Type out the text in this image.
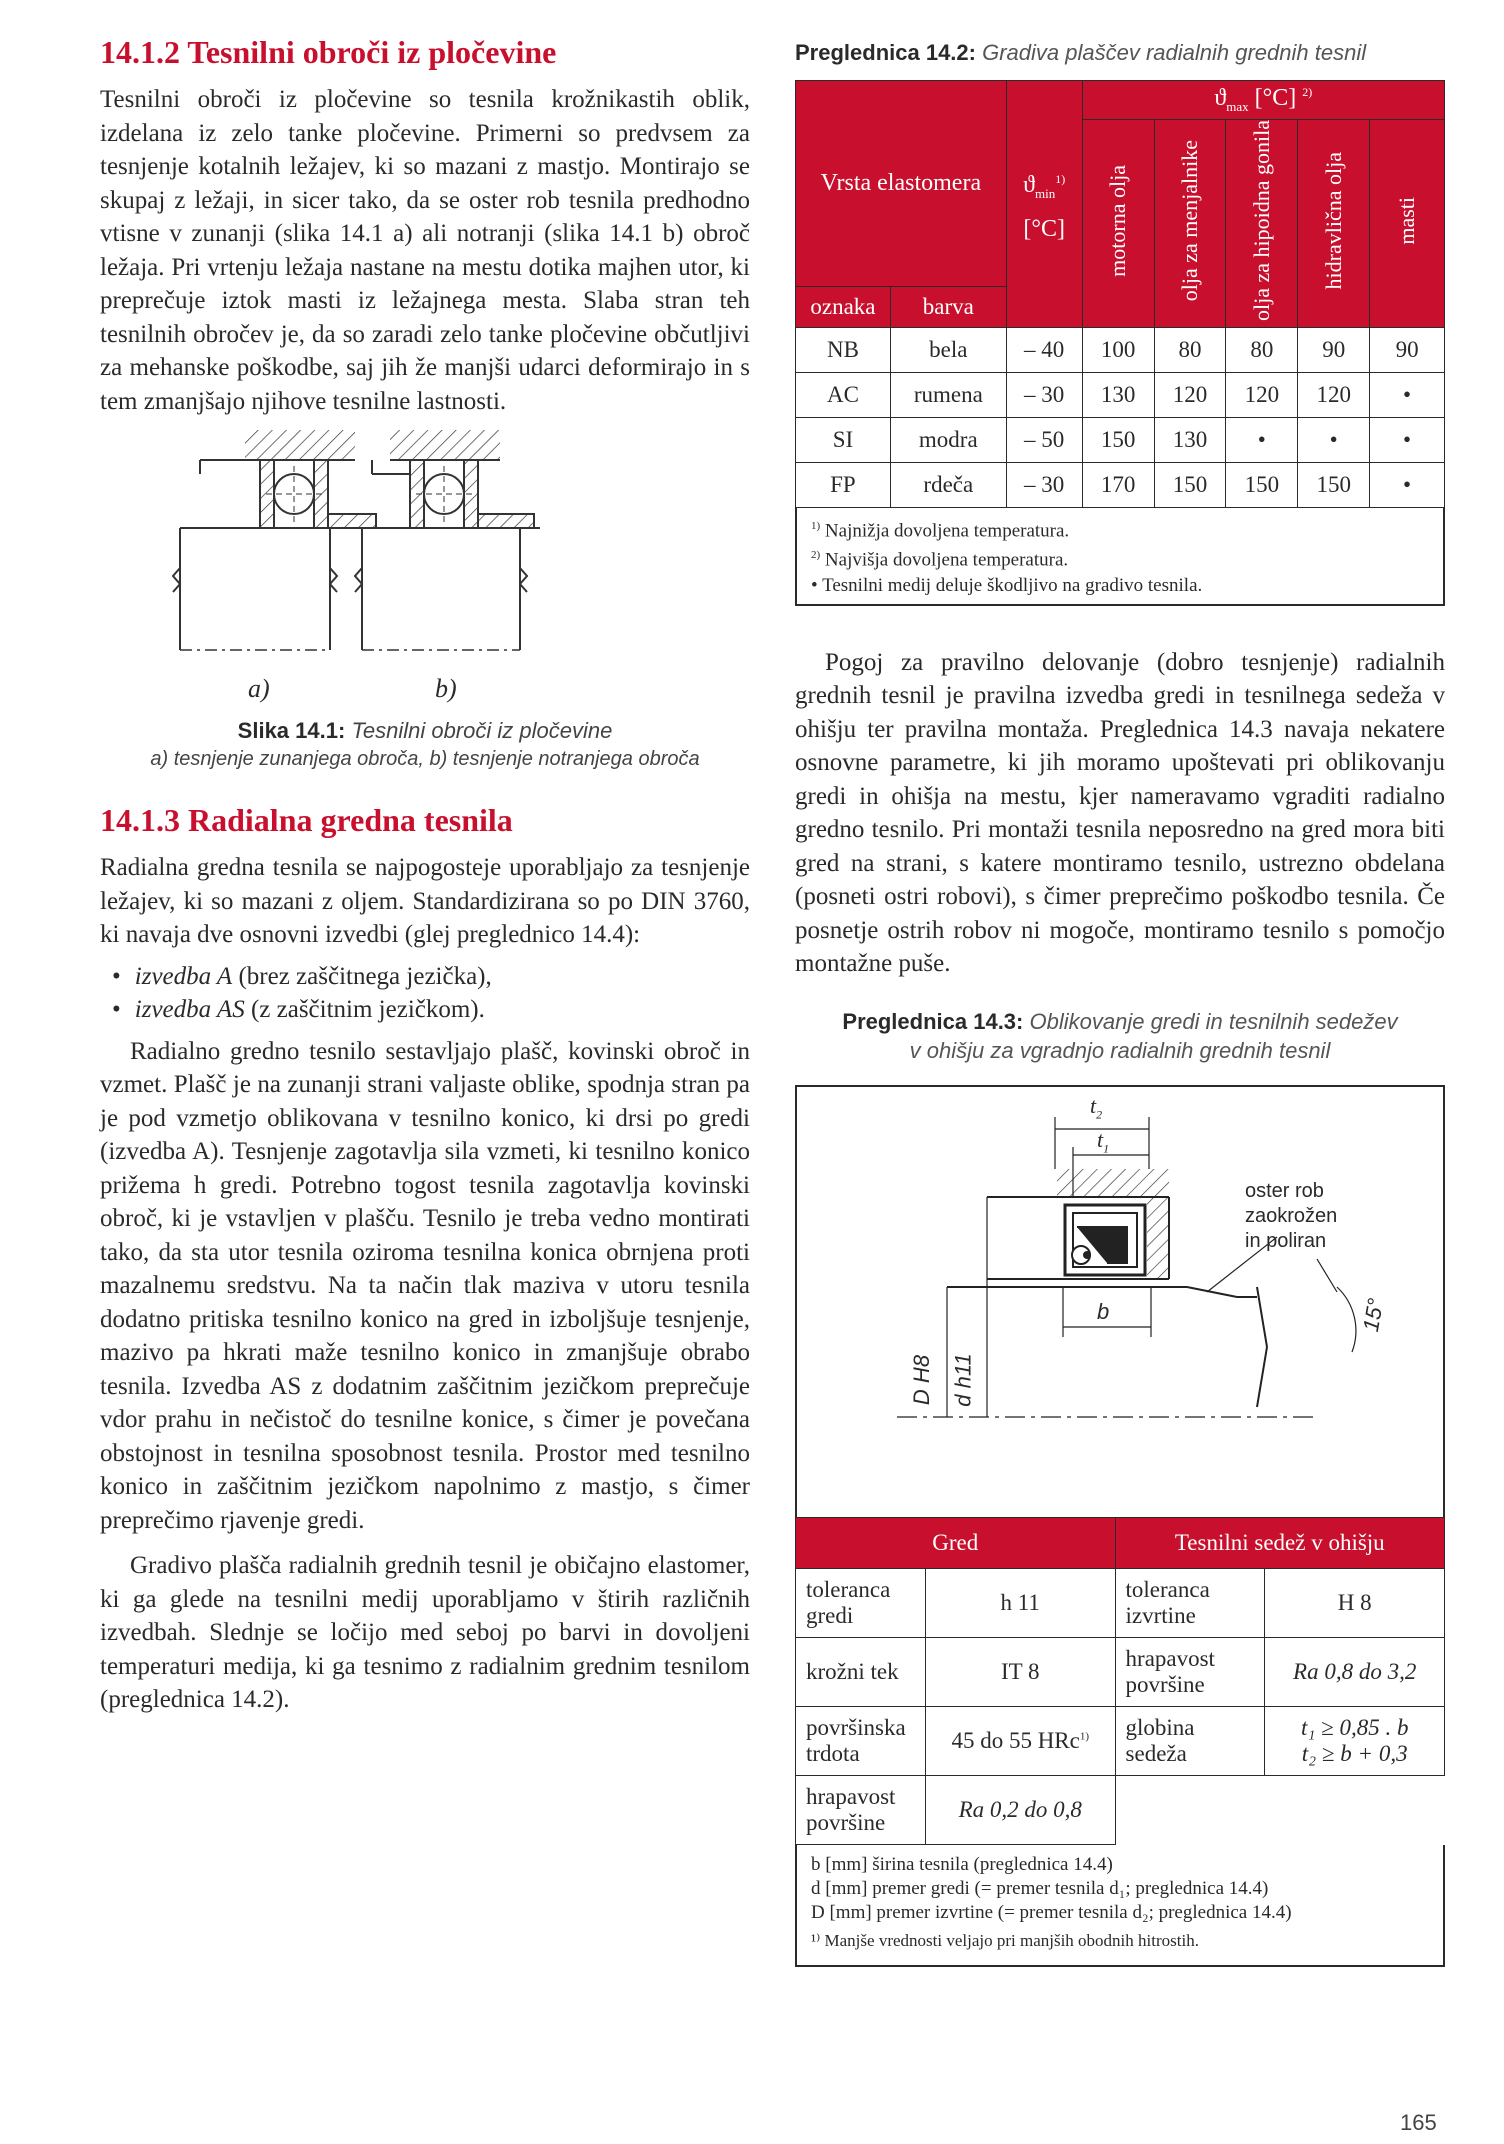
14.1.2 Tesnilni obroči iz pločevine

Tesnilni obroči iz pločevine so tesnila krožnikastih oblik, izdelana iz zelo tanke pločevine. Primerni so predvsem za tesnjenje kotalnih ležajev, ki so mazani z mastjo. Montirajo se skupaj z ležaji, in sicer tako, da se oster rob tesnila predhodno vtisne v zunanji (slika 14.1 a) ali notranji (slika 14.1 b) obroč ležaja. Pri vrtenju ležaja nastane na mestu dotika majhen utor, ki preprečuje iztok masti iz ležajnega mesta. Slaba stran teh tesnilnih obročev je, da so zaradi zelo tanke pločevine občutljivi za mehanske poškodbe, saj jih že manjši udarci deformirajo in s tem zmanjšajo njihove tesnilne lastnosti.

a)	b)
Slika 14.1: Tesnilni obroči iz pločevine
a) tesnjenje zunanjega obroča, b) tesnjenje notranjega obroča
14.1.3 Radialna gredna tesnila

Radialna gredna tesnila se najpogosteje uporabljajo za tesnjenje ležajev, ki so mazani z oljem. Standardizirana so po DIN 3760, ki navaja dve osnovni izvedbi (glej preglednico 14.4):

• izvedba A (brez zaščitnega jezička),
• izvedba AS (z zaščitnim jezičkom).

Radialno gredno tesnilo sestavljajo plašč, kovinski obroč in vzmet. Plašč je na zunanji strani valjaste oblike, spodnja stran pa je pod vzmetjo oblikovana v tesnilno konico, ki drsi po gredi (izvedba A). Tesnjenje zagotavlja sila vzmeti, ki tesnilno konico prižema h gredi. Potrebno togost tesnila zagotavlja kovinski obroč, ki je vstavljen v plašču. Tesnilo je treba vedno montirati tako, da sta utor tesnila oziroma tesnilna konica obrnjena proti mazalnemu sredstvu. Na ta način tlak maziva v utoru tesnila dodatno pritiska tesnilno konico na gred in izboljšuje tesnjenje, mazivo pa hkrati maže tesnilno konico in zmanjšuje obrabo tesnila. Izvedba AS z dodatnim zaščitnim jezičkom preprečuje vdor prahu in nečistoč do tesnilne konice, s čimer je povečana obstojnost in tesnilna sposobnost tesnila. Prostor med tesnilno konico in zaščitnim jezičkom napolnimo z mastjo, s čimer preprečimo rjavenje gredi.

Gradivo plašča radialnih grednih tesnil je običajno elastomer, ki ga glede na tesnilni medij uporabljamo v štirih različnih izvedbah. Slednje se ločijo med seboj po barvi in dovoljeni temperaturi medija, ki ga tesnimo z radialnim grednim tesnilom (preglednica 14.2).

Preglednica 14.2: Gradiva plaščev radialnih grednih tesnil
Vrsta elastomera		$ϑ_{min}^{1)}$
[°C]	$ϑ_{max}$ [°C] $^{2)}$
			motorna olja	olja za menjalnike	olja za hipoidna gonila	hidravlična olja	masti
oznaka	barva						
NB	bela	– 40	100	80	80	90	90
AC	rumena	– 30	130	120	120	120	•
SI	modra	– 50	150	130	•	•	•
FP	rdeča	– 30	170	150	150	150	•
$^{1)}$ Najnižja dovoljena temperatura.
$^{2)}$ Najvišja dovoljena temperatura.
• Tesnilni medij deluje škodljivo na gradivo tesnila.

Pogoj za pravilno delovanje (dobro tesnjenje) radialnih grednih tesnil je pravilna izvedba gredi in tesnilnega sedeža v ohišju ter pravilna montaža. Preglednica 14.3 navaja nekatere osnovne parametre, ki jih moramo upoštevati pri oblikovanju gredi in ohišja na mestu, kjer nameravamo vgraditi radialno gredno tesnilo. Pri montaži tesnila neposredno na gred mora biti gred na strani, s katere montiramo tesnilo, ustrezno obdelana (posneti ostri robovi), s čimer preprečimo poškodbo tesnila. Če posnetje ostrih robov ni mogoče, montiramo tesnilo s pomočjo montažne puše.

Preglednica 14.3: Oblikovanje gredi in tesnilnih sedežev
v ohišju za vgradnjo radialnih grednih tesnil
$t_2$
$t_1$
oster rob
zaokrožen
in poliran
15°
b
D H8 d h11
Gred		Tesnilni sedež v ohišju	
toleranca gredi	h 11	toleranca izvrtine	H 8
krožni tek	IT 8	hrapavost površine	Ra 0,8 do 3,2
površinska trdota	45 do 55 HRc$^{1)}$	globina sedeža	t₁ ≥ 0,85 . b
t₂ ≥ b + 0,3

hrapavost površine	Ra 0,2 do 0,8		
b [mm] širina tesnila (preglednica 14.4)
d [mm] premer gredi (= premer tesnila d₁; preglednica 14.4)
D [mm] premer izvrtine (= premer tesnila d₂; preglednica 14.4)
¹⁾ Manjše vrednosti veljajo pri manjših obodnih hitrostih.
165
